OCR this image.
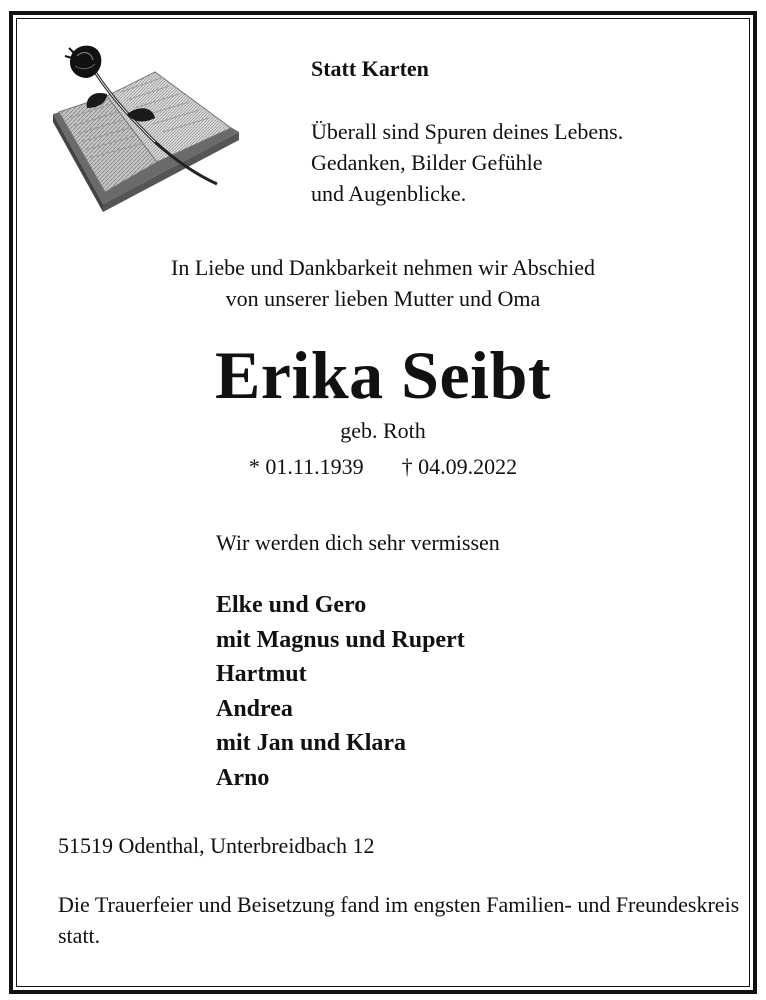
Statt Karten
Überall sind Spuren deines Lebens.
Gedanken, Bilder Gefühle
und Augenblicke.
In Liebe und Dankbarkeit nehmen wir Abschied
von unserer lieben Mutter und Oma
Erika Seibt
geb. Roth
* 01.11.1939 † 04.09.2022
Wir werden dich sehr vermissen
Elke und Gero
mit Magnus und Rupert
Hartmut
Andrea
mit Jan und Klara
Arno
51519 Odenthal, Unterbreidbach 12
Die Trauerfeier und Beisetzung fand im engsten Familien- und Freundeskreis statt.
